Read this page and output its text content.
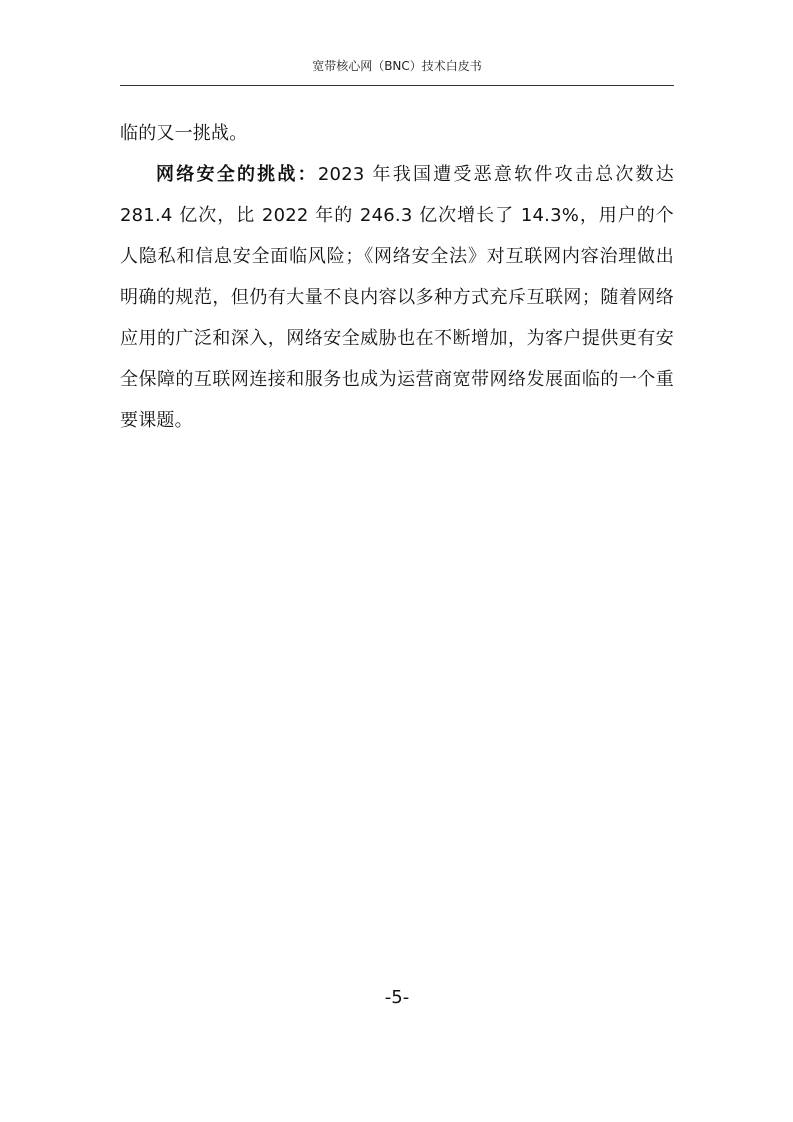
宽带核心网（BNC）技术白皮书

临的又一挑战。

网络安全的挑战：2023 年我国遭受恶意软件攻击总次数达 281.4 亿次，比 2022 年的 246.3 亿次增长了 14.3%，用户的个人隐私和信息安全面临风险；《网络安全法》对互联网内容治理做出明确的规范，但仍有大量不良内容以多种方式充斥互联网；随着网络应用的广泛和深入，网络安全威胁也在不断增加，为客户提供更有安全保障的互联网连接和服务也成为运营商宽带网络发展面临的一个重要课题。

-5-
